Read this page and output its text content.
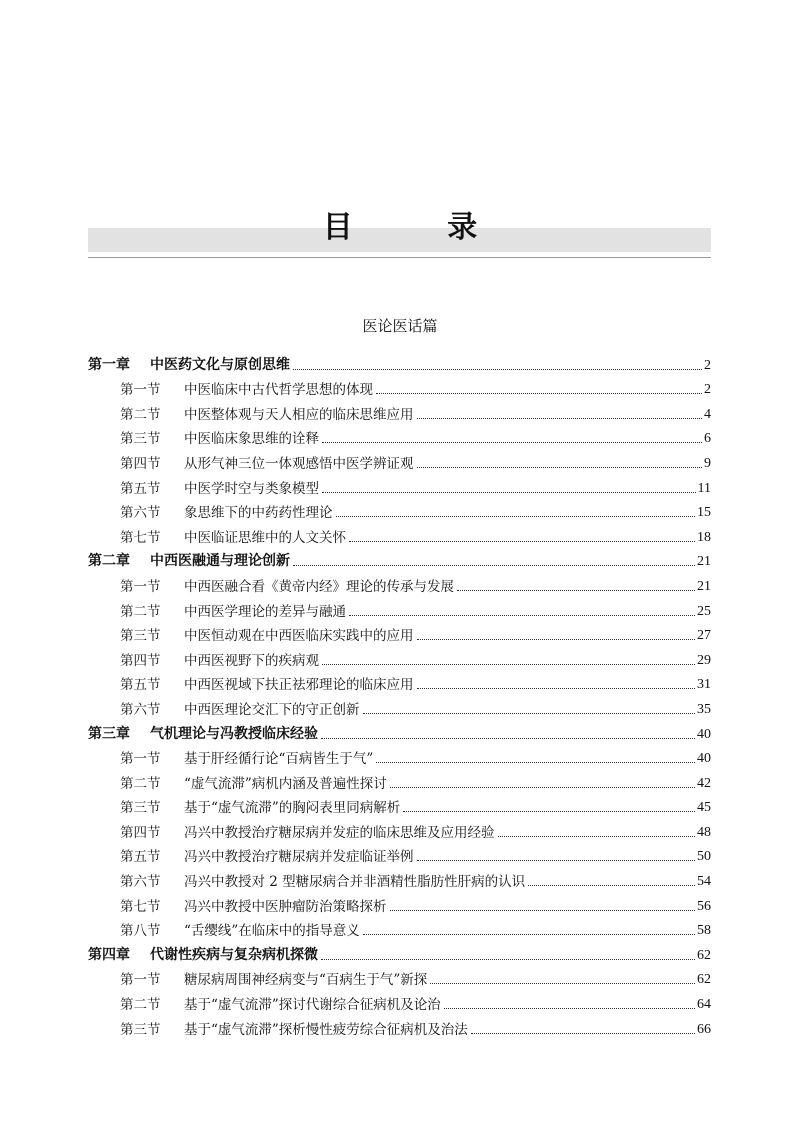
目 录
医论医话篇
第一章	中医药文化与原创思维	2
第一节	中医临床中古代哲学思想的体现	2
第二节	中医整体观与天人相应的临床思维应用	4
第三节	中医临床象思维的诠释	6
第四节	从形气神三位一体观感悟中医学辨证观	9
第五节	中医学时空与类象模型	11
第六节	象思维下的中药药性理论	15
第七节	中医临证思维中的人文关怀	18
第二章	中西医融通与理论创新	21
第一节	中西医融合看《黄帝内经》理论的传承与发展	21
第二节	中西医学理论的差异与融通	25
第三节	中医恒动观在中西医临床实践中的应用	27
第四节	中西医视野下的疾病观	29
第五节	中西医视域下扶正祛邪理论的临床应用	31
第六节	中西医理论交汇下的守正创新	35
第三章	气机理论与冯教授临床经验	40
第一节	基于肝经循行论“百病皆生于气”	40
第二节	“虚气流滞”病机内涵及普遍性探讨	42
第三节	基于“虚气流滞”的胸闷表里同病解析	45
第四节	冯兴中教授治疗糖尿病并发症的临床思维及应用经验	48
第五节	冯兴中教授治疗糖尿病并发症临证举例	50
第六节	冯兴中教授对 2 型糖尿病合并非酒精性脂肪性肝病的认识	54
第七节	冯兴中教授中医肿瘤防治策略探析	56
第八节	“舌缨线”在临床中的指导意义	58
第四章	代谢性疾病与复杂病机探微	62
第一节	糖尿病周围神经病变与“百病生于气”新探	62
第二节	基于“虚气流滞”探讨代谢综合征病机及论治	64
第三节	基于“虚气流滞”探析慢性疲劳综合征病机及治法	66
